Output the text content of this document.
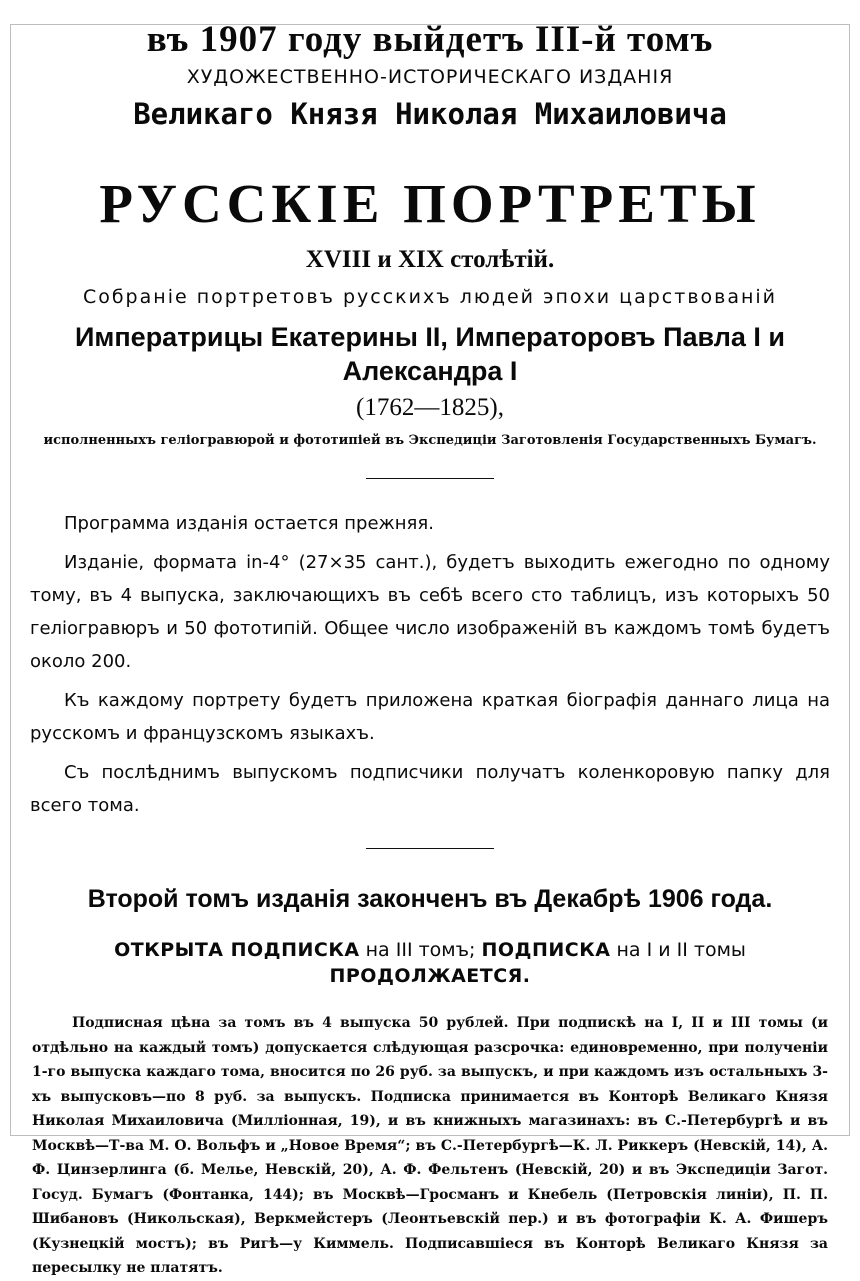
въ 1907 году выйдетъ III-й томъ
ХУДОЖЕСТВЕННО-ИСТОРИЧЕСКАГО ИЗДАНІЯ
Великаго Князя Николая Михаиловича
РУССКІЕ ПОРТРЕТЫ
XVIII и XIX столѣтій.
Собраніе портретовъ русскихъ людей эпохи царствованій
Императрицы Екатерины II, Императоровъ Павла I и Александра I
(1762—1825),
исполненныхъ геліогравюрой и фототипіей въ Экспедиціи Заготовленія Государственныхъ Бумагъ.

Программа изданія остается прежняя.

Изданіе, формата in-4° (27×35 сант.), будетъ выходить ежегодно по одному тому, въ 4 выпуска, заключающихъ въ себѣ всего сто таблицъ, изъ которыхъ 50 геліогравюръ и 50 фототипій. Общее число изображеній въ каждомъ томѣ будетъ около 200.

Къ каждому портрету будетъ приложена краткая біографія даннаго лица на русскомъ и французскомъ языкахъ.

Съ послѣднимъ выпускомъ подписчики получатъ коленкоровую папку для всего тома.

Второй томъ изданія законченъ въ Декабрѣ 1906 года.
ОТКРЫТА ПОДПИСКА на III томъ; ПОДПИСКА на I и II томы ПРОДОЛЖАЕТСЯ.

Подписная цѣна за томъ въ 4 выпуска 50 рублей. При подпискѣ на I, II и III томы (и отдѣльно на каждый томъ) допускается слѣдующая разсрочка: единовременно, при полученіи 1-го выпуска каждаго тома, вносится по 26 руб. за выпускъ, и при каждомъ изъ остальныхъ 3-хъ выпусковъ—по 8 руб. за выпускъ. Подписка принимается въ Конторѣ Великаго Князя Николая Михаиловича (Милліонная, 19), и въ книжныхъ магазинахъ: въ С.-Петербургѣ и въ Москвѣ—Т-ва М. О. Вольфъ и „Новое Время“; въ С.-Петербургѣ—К. Л. Риккеръ (Невскій, 14), А. Ф. Цинзерлинга (б. Мелье, Невскій, 20), А. Ф. Фельтенъ (Невскій, 20) и въ Экспедиціи Загот. Госуд. Бумагъ (Фонтанка, 144); въ Москвѣ—Гросманъ и Кнебель (Петровскія линіи), П. П. Шибановъ (Никольская), Веркмейстеръ (Леонтьевскій пер.) и въ фотографіи К. А. Фишеръ (Кузнецкій мостъ); въ Ригѣ—у Киммель. Подписавшіеся въ Конторѣ Великаго Князя за пересылку не платятъ.
